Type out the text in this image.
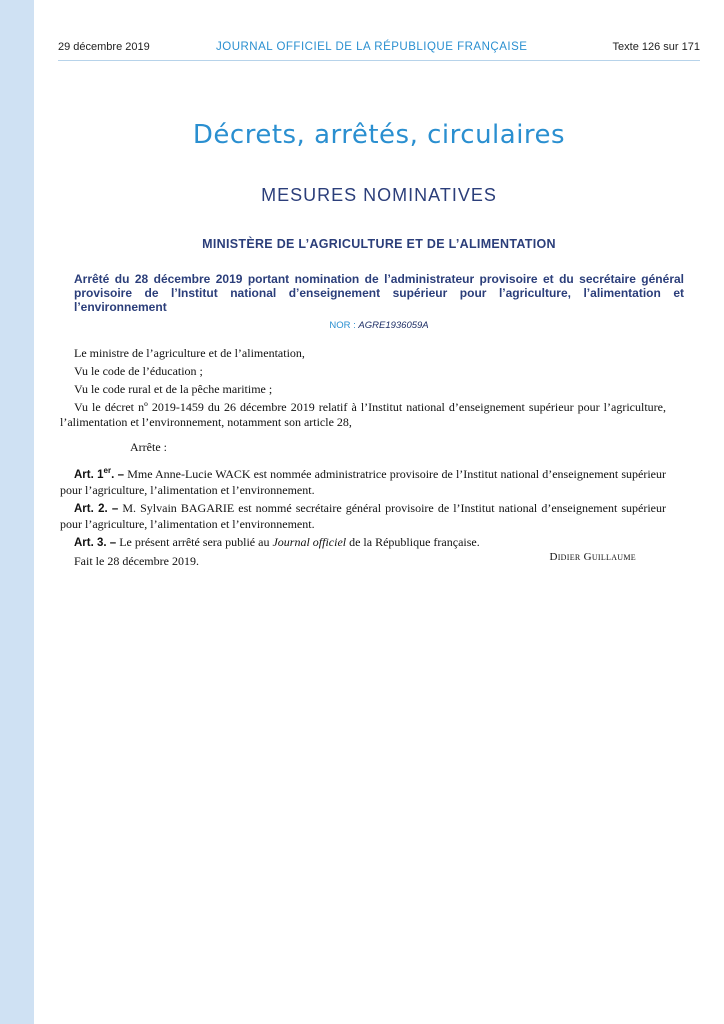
29 décembre 2019	JOURNAL OFFICIEL DE LA RÉPUBLIQUE FRANÇAISE	Texte 126 sur 171
Décrets, arrêtés, circulaires
MESURES NOMINATIVES
MINISTÈRE DE L’AGRICULTURE ET DE L’ALIMENTATION
Arrêté du 28 décembre 2019 portant nomination de l’administrateur provisoire et du secrétaire général provisoire de l’Institut national d’enseignement supérieur pour l’agriculture, l’alimentation et l’environnement
NOR : AGRE1936059A

Le ministre de l’agriculture et de l’alimentation,

Vu le code de l’éducation ;

Vu le code rural et de la pêche maritime ;

Vu le décret nº 2019-1459 du 26 décembre 2019 relatif à l’Institut national d’enseignement supérieur pour l’agriculture, l’alimentation et l’environnement, notamment son article 28,

Arrête :

Art. 1er. – Mme Anne-Lucie WACK est nommée administratrice provisoire de l’Institut national d’enseignement supérieur pour l’agriculture, l’alimentation et l’environnement.

Art. 2. – M. Sylvain BAGARIE est nommé secrétaire général provisoire de l’Institut national d’enseignement supérieur pour l’agriculture, l’alimentation et l’environnement.

Art. 3. – Le présent arrêté sera publié au Journal officiel de la République française.

Fait le 28 décembre 2019.	Didier Guillaume
